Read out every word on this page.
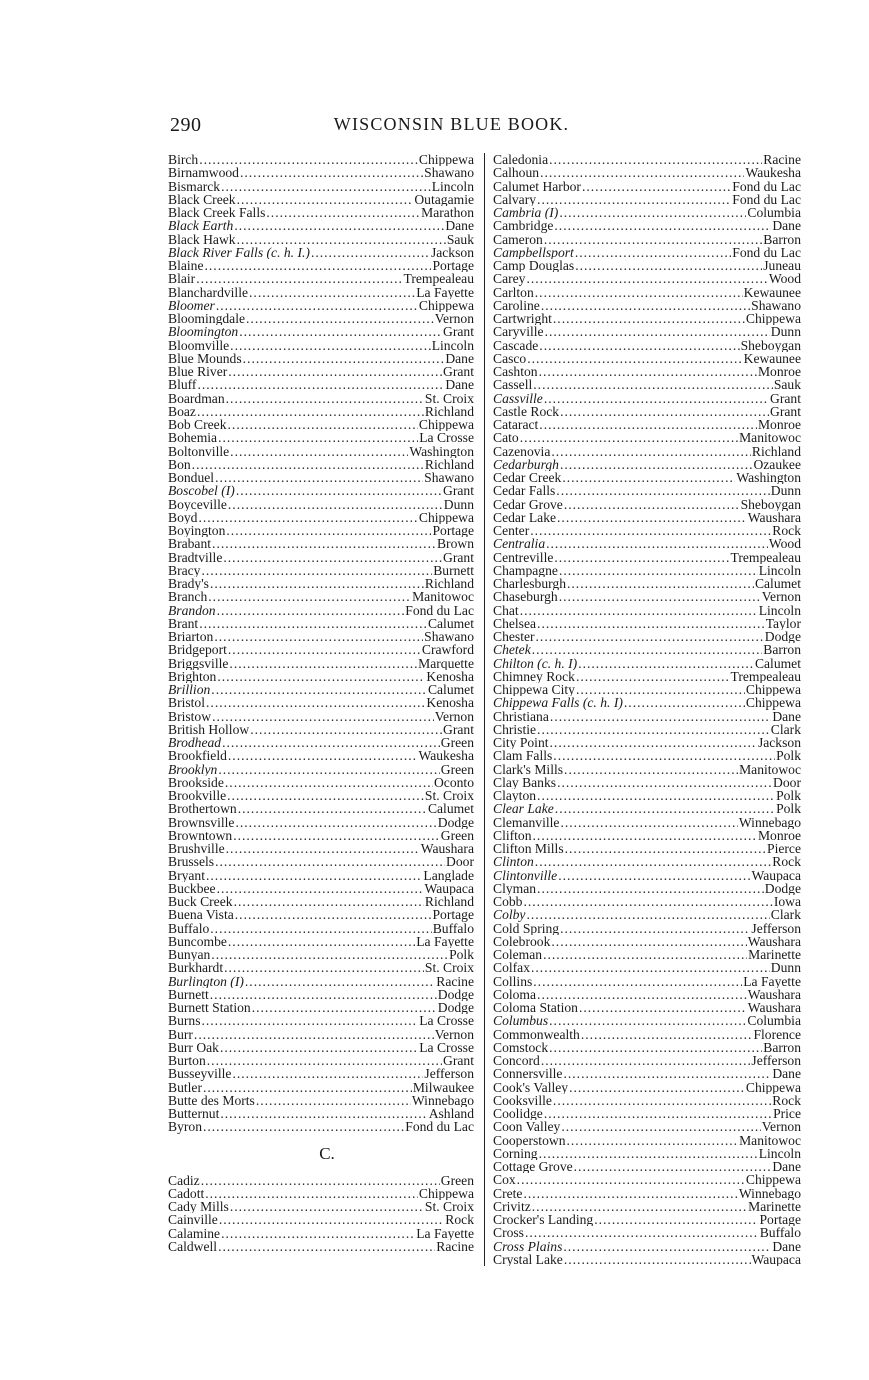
290	WISCONSIN BLUE BOOK.
Birch .....	Chippewa
Birnamwood .....	Shawano
Bismarck .....	Lincoln
Black Creek .....	Outagamie
Black Creek Falls .....	Marathon
Black Earth .....	Dane
Black Hawk .....	Sauk
Black River Falls (c. h. I.) .....	Jackson
Blaine .....	Portage
Blair .....	Trempealeau
Blanchardville .....	La Fayette
Bloomer .....	Chippewa
Bloomingdale .....	Vernon
Bloomington .....	Grant
Bloomville .....	Lincoln
Blue Mounds .....	Dane
Blue River .....	Grant
Bluff .....	Dane
Boardman .....	St. Croix
Boaz .....	Richland
Bob Creek .....	Chippewa
Bohemia .....	La Crosse
Boltonville .....	Washington
Bon .....	Richland
Bonduel .....	Shawano
Boscobel (I) .....	Grant
Boyceville .....	Dunn
Boyd .....	Chippewa
Boyington .....	Portage
Brabant .....	Brown
Bradtville .....	Grant
Bracy .....	Burnett
Brady's .....	Richland
Branch .....	Manitowoc
Brandon .....	Fond du Lac
Brant .....	Calumet
Briarton .....	Shawano
Bridgeport .....	Crawford
Briggsville .....	Marquette
Brighton .....	Kenosha
Brillion .....	Calumet
Bristol .....	Kenosha
Bristow .....	Vernon
British Hollow .....	Grant
Brodhead .....	Green
Brookfield .....	Waukesha
Brooklyn .....	Green
Brookside .....	Oconto
Brookville .....	St. Croix
Brothertown .....	Calumet
Brownsville .....	Dodge
Browntown .....	Green
Brushville .....	Waushara
Brussels .....	Door
Bryant .....	Langlade
Buckbee .....	Waupaca
Buck Creek .....	Richland
Buena Vista .....	Portage
Buffalo .....	Buffalo
Buncombe .....	La Fayette
Bunyan .....	Polk
Burkhardt .....	St. Croix
Burlington (I) .....	Racine
Burnett .....	Dodge
Burnett Station .....	Dodge
Burns .....	La Crosse
Burr .....	Vernon
Burr Oak .....	La Crosse
Burton .....	Grant
Busseyville .....	Jefferson
Butler .....	Milwaukee
Butte des Morts .....	Winnebago
Butternut .....	Ashland
Byron .....	Fond du Lac
C.
Cadiz .....	Green
Cadott .....	Chippewa
Cady Mills .....	St. Croix
Cainville .....	Rock
Calamine .....	La Fayette
Caldwell .....	Racine
Caledonia .....	Racine
Calhoun .....	Waukesha
Calumet Harbor .....	Fond du Lac
Calvary .....	Fond du Lac
Cambria (I) .....	Columbia
Cambridge .....	Dane
Cameron .....	Barron
Campbellsport .....	Fond du Lac
Camp Douglas .....	Juneau
Carey .....	Wood
Carlton .....	Kewaunee
Caroline .....	Shawano
Cartwright .....	Chippewa
Caryville .....	Dunn
Cascade .....	Sheboygan
Casco .....	Kewaunee
Cashton .....	Monroe
Cassell .....	Sauk
Cassville .....	Grant
Castle Rock .....	Grant
Cataract .....	Monroe
Cato .....	Manitowoc
Cazenovia .....	Richland
Cedarburgh .....	Ozaukee
Cedar Creek .....	Washington
Cedar Falls .....	Dunn
Cedar Grove .....	Sheboygan
Cedar Lake .....	Waushara
Center .....	Rock
Centralia .....	Wood
Centreville .....	Trempealeau
Champagne .....	Lincoln
Charlesburgh .....	Calumet
Chaseburgh .....	Vernon
Chat .....	Lincoln
Chelsea .....	Taylor
Chester .....	Dodge
Chetek .....	Barron
Chilton (c. h. I) .....	Calumet
Chimney Rock .....	Trempealeau
Chippewa City .....	Chippewa
Chippewa Falls (c. h. I) .....	Chippewa
Christiana .....	Dane
Christie .....	Clark
City Point .....	Jackson
Clam Falls .....	Polk
Clark's Mills .....	Manitowoc
Clay Banks .....	Door
Clayton .....	Polk
Clear Lake .....	Polk
Clemanville .....	Winnebago
Clifton .....	Monroe
Clifton Mills .....	Pierce
Clinton .....	Rock
Clintonville .....	Waupaca
Clyman .....	Dodge
Cobb .....	Iowa
Colby .....	Clark
Cold Spring .....	Jefferson
Colebrook .....	Waushara
Coleman .....	Marinette
Colfax .....	Dunn
Collins .....	La Fayette
Coloma .....	Waushara
Coloma Station .....	Waushara
Columbus .....	Columbia
Commonwealth .....	Florence
Comstock .....	Barron
Concord .....	Jefferson
Connersville .....	Dane
Cook's Valley .....	Chippewa
Cooksville .....	Rock
Coolidge .....	Price
Coon Valley .....	Vernon
Cooperstown .....	Manitowoc
Corning .....	Lincoln
Cottage Grove .....	Dane
Cox .....	Chippewa
Crete .....	Winnebago
Crivitz .....	Marinette
Crocker's Landing .....	Portage
Cross .....	Buffalo
Cross Plains .....	Dane
Crystal Lake .....	Waupaca
